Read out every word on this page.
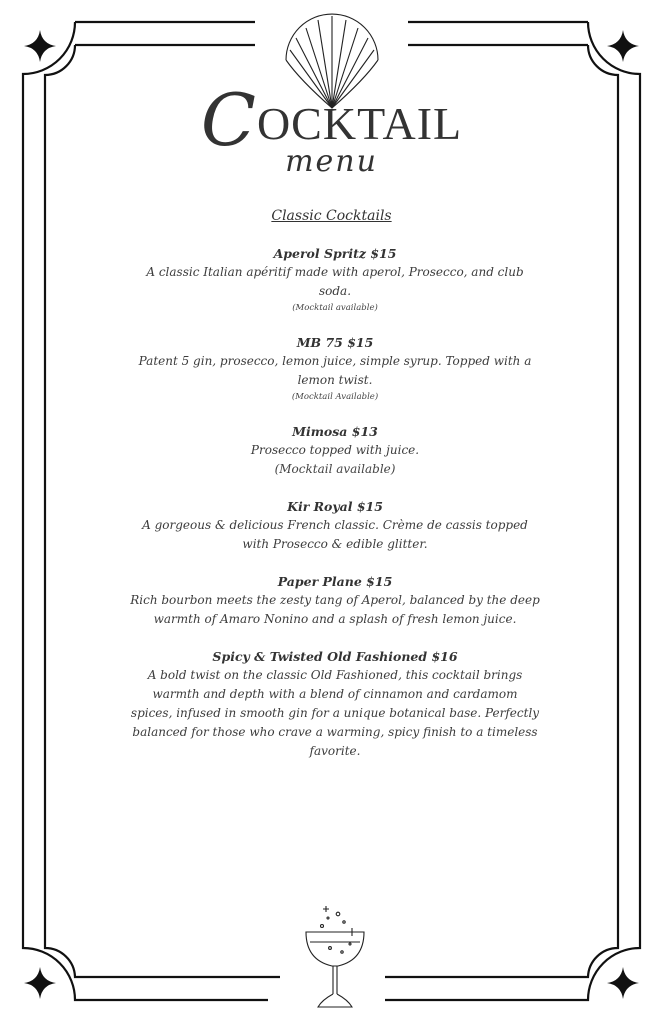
COCKTAIL
menu
Classic Cocktails
Aperol Spritz $15
A classic Italian apéritif made with aperol, Prosecco, and club soda.
(Mocktail available)
MB 75 $15
Patent 5 gin, prosecco, lemon juice, simple syrup. Topped with a lemon twist.
(Mocktail Available)
Mimosa $13
Prosecco topped with juice.
(Mocktail available)
Kir Royal $15
A gorgeous & delicious French classic. Crème de cassis topped with Prosecco & edible glitter.
Paper Plane $15
Rich bourbon meets the zesty tang of Aperol, balanced by the deep warmth of Amaro Nonino and a splash of fresh lemon juice.
Spicy & Twisted Old Fashioned $16
A bold twist on the classic Old Fashioned, this cocktail brings warmth and depth with a blend of cinnamon and cardamom spices, infused in smooth gin for a unique botanical base. Perfectly balanced for those who crave a warming, spicy finish to a timeless favorite.
